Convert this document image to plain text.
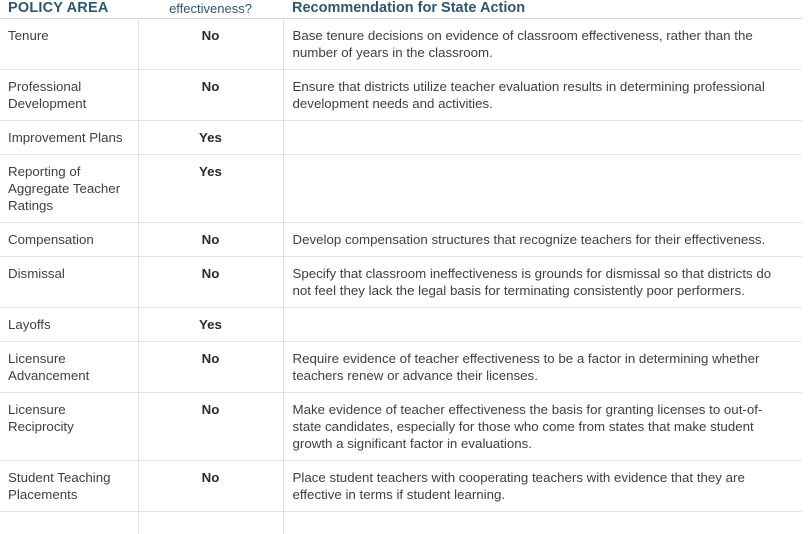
POLICY AREA	effectiveness?	Recommendation for State Action
Tenure	No	Base tenure decisions on evidence of classroom effectiveness, rather than the number of years in the classroom.

Professional Development	No	Ensure that districts utilize teacher evaluation results in determining professional development needs and activities.

Improvement Plans	Yes	

Reporting of Aggregate Teacher Ratings	Yes	

Compensation	No	Develop compensation structures that recognize teachers for their effectiveness.

Dismissal	No	Specify that classroom ineffectiveness is grounds for dismissal so that districts do not feel they lack the legal basis for terminating consistently poor performers.

Layoffs	Yes	

Licensure Advancement	No	Require evidence of teacher effectiveness to be a factor in determining whether teachers renew or advance their licenses.

Licensure Reciprocity	No	Make evidence of teacher effectiveness the basis for granting licenses to out-of-state candidates, especially for those who come from states that make student growth a significant factor in evaluations.

Student Teaching Placements	No	Place student teachers with cooperating teachers with evidence that they are effective in terms if student learning.
